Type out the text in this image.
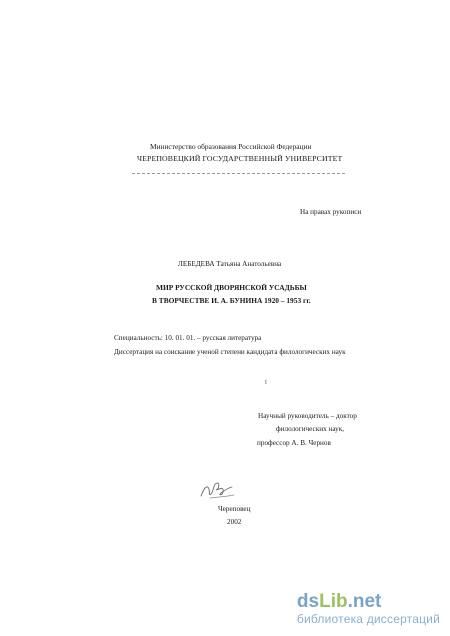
Министерство образования Российской Федерации
ЧЕРЕПОВЕЦКИЙ ГОСУДАРСТВЕННЫЙ УНИВЕРСИТЕТ
На правах рукописи
ЛЕБЕДЕВА Татьяна Анатольевна
МИР РУССКОЙ ДВОРЯНСКОЙ УСАДЬБЫ
В ТВОРЧЕСТВЕ И. А. БУНИНА 1920 – 1953 гг.
Специальность: 10. 01. 01. – русская литература
Диссертация на соискание ученой степени кандидата филологических наук
t
Научный руководитель – доктор
филологических наук,
профессор А. В. Чернов
Череповец
2002
dsLib.net
библиотека диссертаций
